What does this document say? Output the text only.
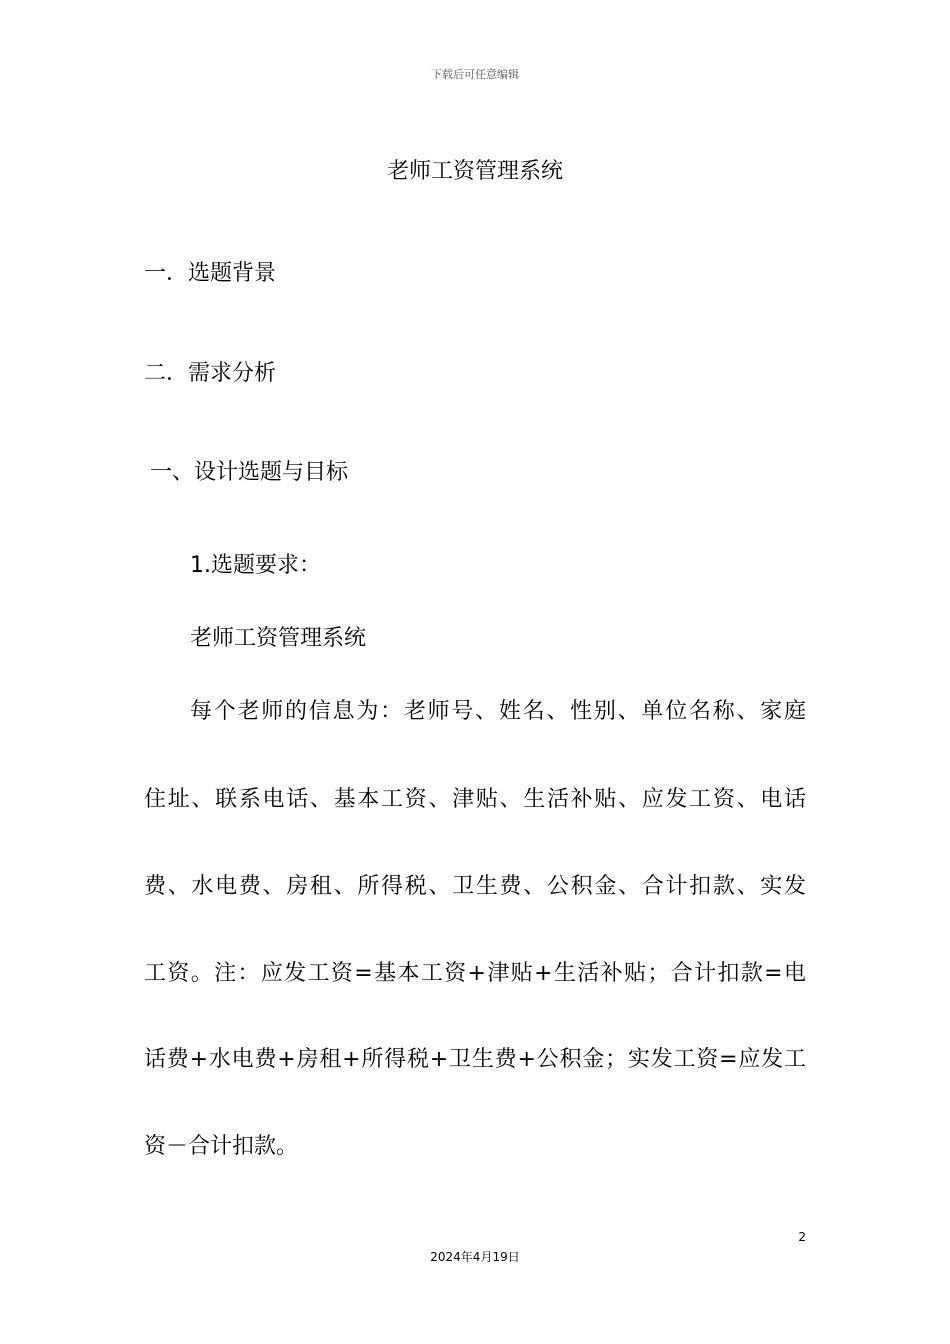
下载后可任意编辑
老师工资管理系统
一．选题背景
二．需求分析
一、设计选题与目标
1.选题要求：
老师工资管理系统
每个老师的信息为：老师号、姓名、性别、单位名称、家庭
住址、联系电话、基本工资、津贴、生活补贴、应发工资、电话
费、水电费、房租、所得税、卫生费、公积金、合计扣款、实发
工资。注：应发工资=基本工资+津贴+生活补贴；合计扣款=电
话费+水电费+房租+所得税+卫生费+公积金；实发工资=应发工
资－合计扣款。
2
2024年4月19日
